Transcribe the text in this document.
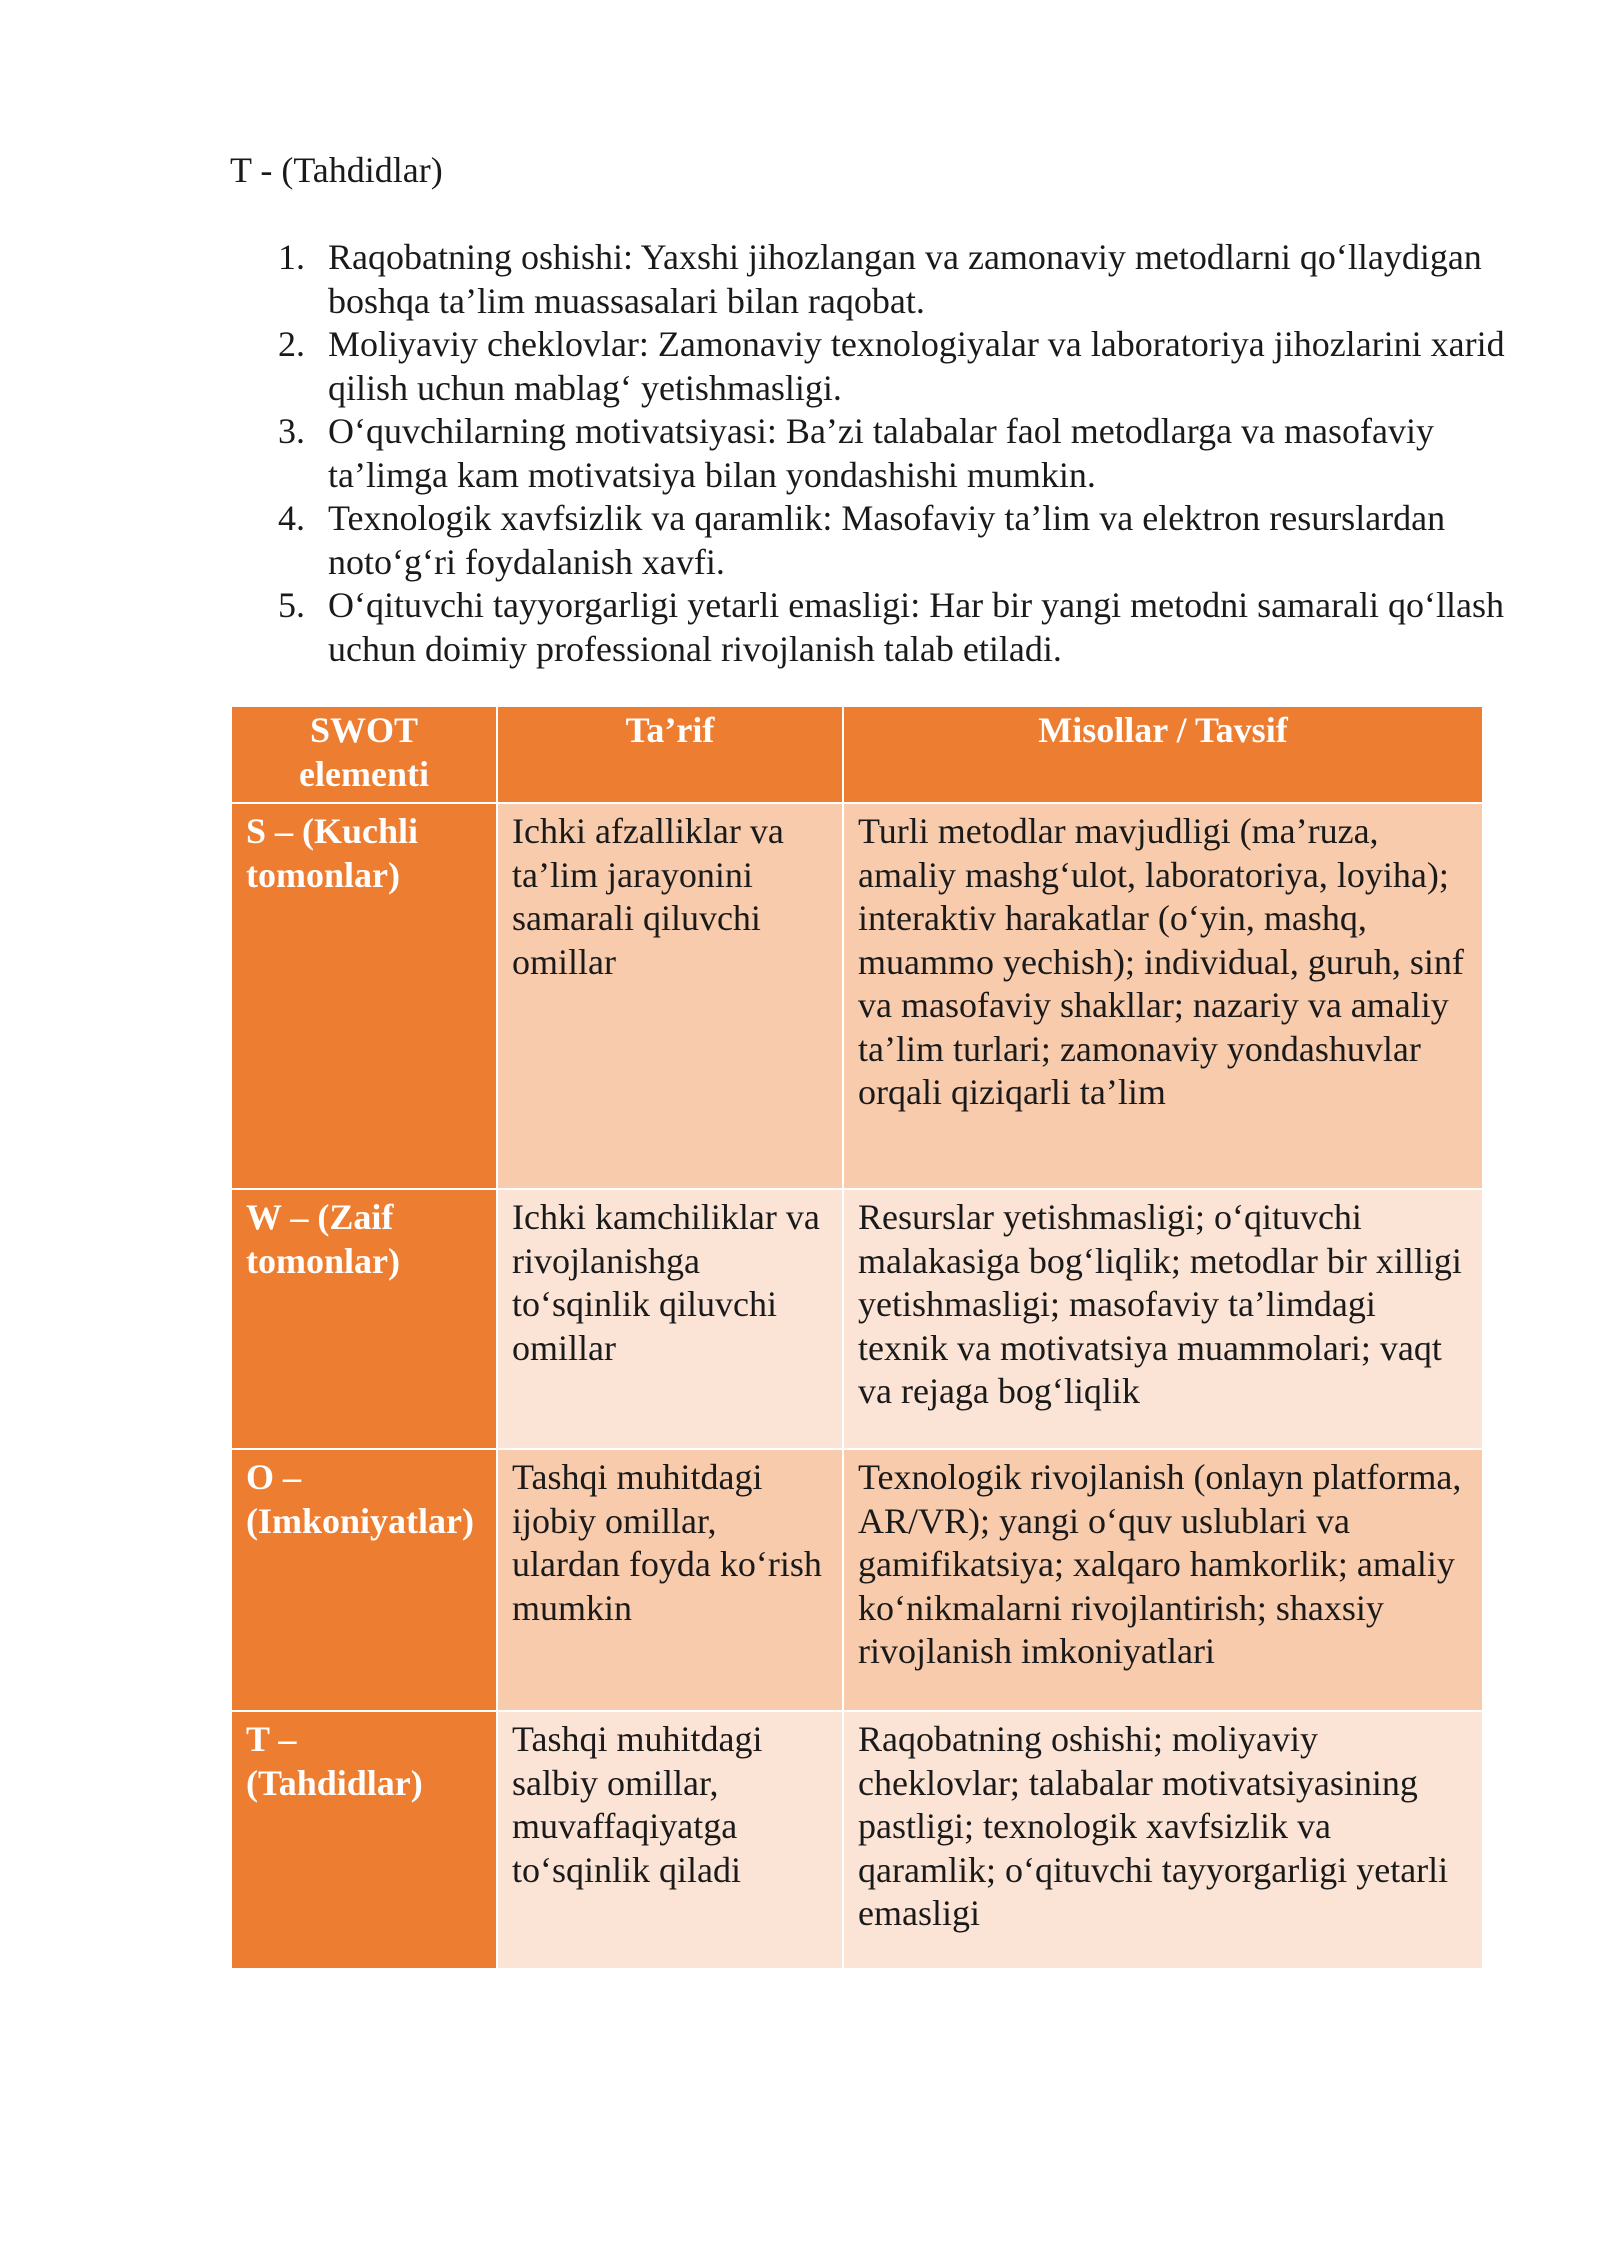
T - (Tahdidlar)
1. Raqobatning oshishi: Yaxshi jihozlangan va zamonaviy metodlarni qo‘llaydigan boshqa ta’lim muassasalari bilan raqobat.
2. Moliyaviy cheklovlar: Zamonaviy texnologiyalar va laboratoriya jihozlarini xarid qilish uchun mablag‘ yetishmasligi.
3. O‘quvchilarning motivatsiyasi: Ba’zi talabalar faol metodlarga va masofaviy ta’limga kam motivatsiya bilan yondashishi mumkin.
4. Texnologik xavfsizlik va qaramlik: Masofaviy ta’lim va elektron resurslardan noto‘g‘ri foydalanish xavfi.
5. O‘qituvchi tayyorgarligi yetarli emasligi: Har bir yangi metodni samarali qo‘llash uchun doimiy professional rivojlanish talab etiladi.
SWOT elementi	Ta’rif	Misollar / Tavsif
S – (Kuchli tomonlar)	Ichki afzalliklar va ta’lim jarayonini samarali qiluvchi omillar	Turli metodlar mavjudligi (ma’ruza, amaliy mashg‘ulot, laboratoriya, loyiha); interaktiv harakatlar (o‘yin, mashq, muammo yechish); individual, guruh, sinf va masofaviy shakllar; nazariy va amaliy ta’lim turlari; zamonaviy yondashuvlar orqali qiziqarli ta’lim
W – (Zaif tomonlar)	Ichki kamchiliklar va rivojlanishga to‘sqinlik qiluvchi omillar	Resurslar yetishmasligi; o‘qituvchi malakasiga bog‘liqlik; metodlar bir xilligi yetishmasligi; masofaviy ta’limdagi texnik va motivatsiya muammolari; vaqt va rejaga bog‘liqlik
O – (Imkoniyatlar)	Tashqi muhitdagi ijobiy omillar, ulardan foyda ko‘rish mumkin	Texnologik rivojlanish (onlayn platforma, AR/VR); yangi o‘quv uslublari va gamifikatsiya; xalqaro hamkorlik; amaliy ko‘nikmalarni rivojlantirish; shaxsiy rivojlanish imkoniyatlari
T – (Tahdidlar)	Tashqi muhitdagi salbiy omillar, muvaffaqiyatga to‘sqinlik qiladi	Raqobatning oshishi; moliyaviy cheklovlar; talabalar motivatsiyasining pastligi; texnologik xavfsizlik va qaramlik; o‘qituvchi tayyorgarligi yetarli emasligi
